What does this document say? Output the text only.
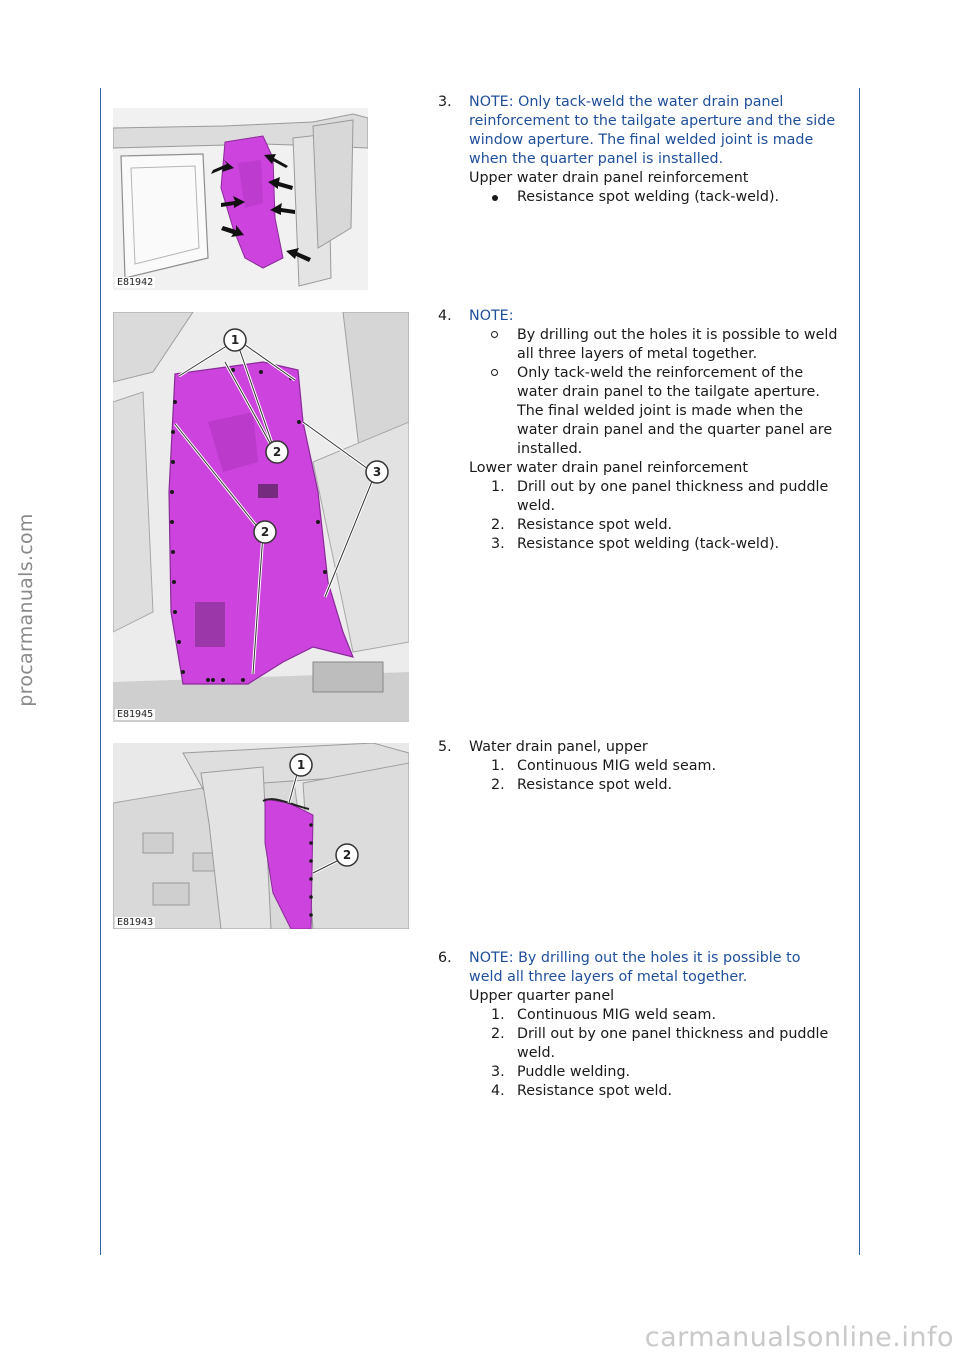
procarmanuals.com
E81942
1
2
2
3
E81945
1
2
E81943
3. NOTE: Only tack-weld the water drain panel reinforcement to the tailgate aperture and the side window aperture. The final welded joint is made when the quarter panel is installed.
Upper water drain panel reinforcement
Resistance spot welding (tack-weld).
4. NOTE:
By drilling out the holes it is possible to weld all three layers of metal together.
Only tack-weld the reinforcement of the water drain panel to the tailgate aperture. The final welded joint is made when the water drain panel and the quarter panel are installed.
Lower water drain panel reinforcement
1. Drill out by one panel thickness and puddle weld.
2. Resistance spot weld.
3. Resistance spot welding (tack-weld).
5. Water drain panel, upper
1. Continuous MIG weld seam.
2. Resistance spot weld.
6. NOTE: By drilling out the holes it is possible to weld all three layers of metal together.
Upper quarter panel
1. Continuous MIG weld seam.
2. Drill out by one panel thickness and puddle weld.
3. Puddle welding.
4. Resistance spot weld.
carmanualsonline.info
